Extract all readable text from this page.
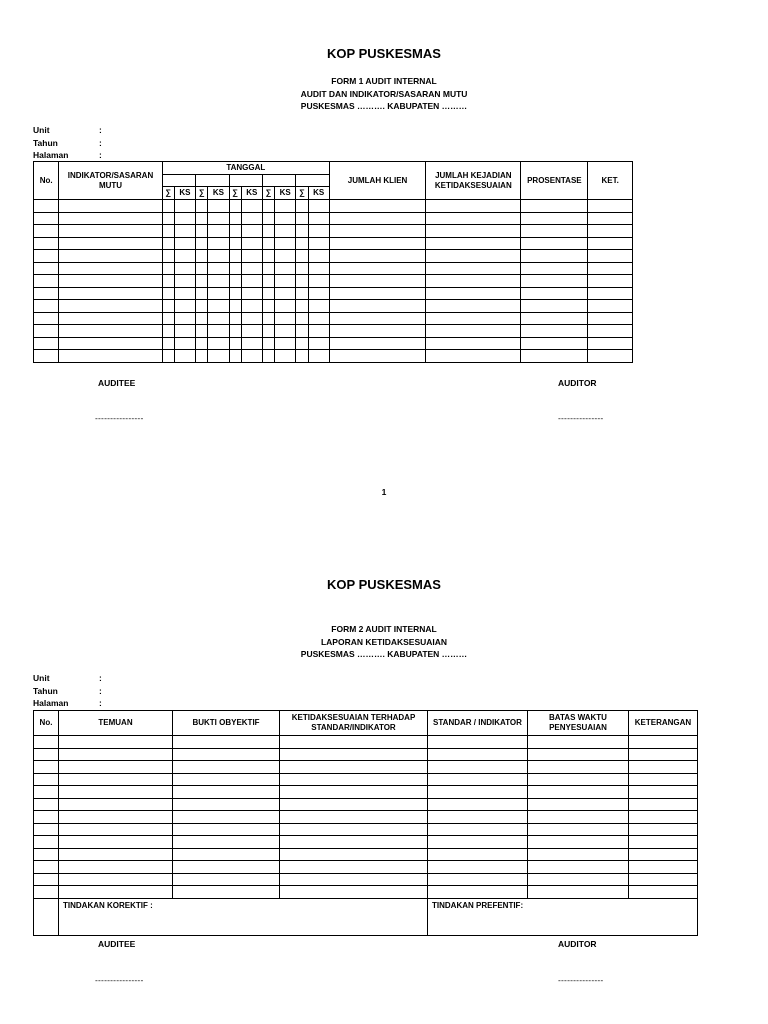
KOP PUSKESMAS
FORM 1 AUDIT INTERNAL
AUDIT DAN INDIKATOR/SASARAN MUTU
PUSKESMAS ………. KABUPATEN ………
Unit	:
Tahun	:
Halaman	:
No.	INDIKATOR/SASARAN MUTU	TANGGAL										JUMLAH KLIEN	JUMLAH KEJADIAN KETIDAKSESUAIAN	PROSENTASE	KET.

		∑	KS	∑	KS	∑	KS	∑	KS	∑	KS				

AUDITEE	AUDITOR
----------------	---------------
1
KOP PUSKESMAS
FORM 2 AUDIT INTERNAL
LAPORAN KETIDAKSESUAIAN
PUSKESMAS ………. KABUPATEN ………
Unit	:
Tahun	:
Halaman	:
No.	TEMUAN	BUKTI OBYEKTIF	KETIDAKSESUAIAN TERHADAP STANDAR/INDIKATOR	STANDAR / INDIKATOR	BATAS WAKTU PENYESUAIAN	KETERANGAN

	TINDAKAN KOREKTIF :			TINDAKAN PREFENTIF:		
AUDITEE	AUDITOR
----------------	---------------
